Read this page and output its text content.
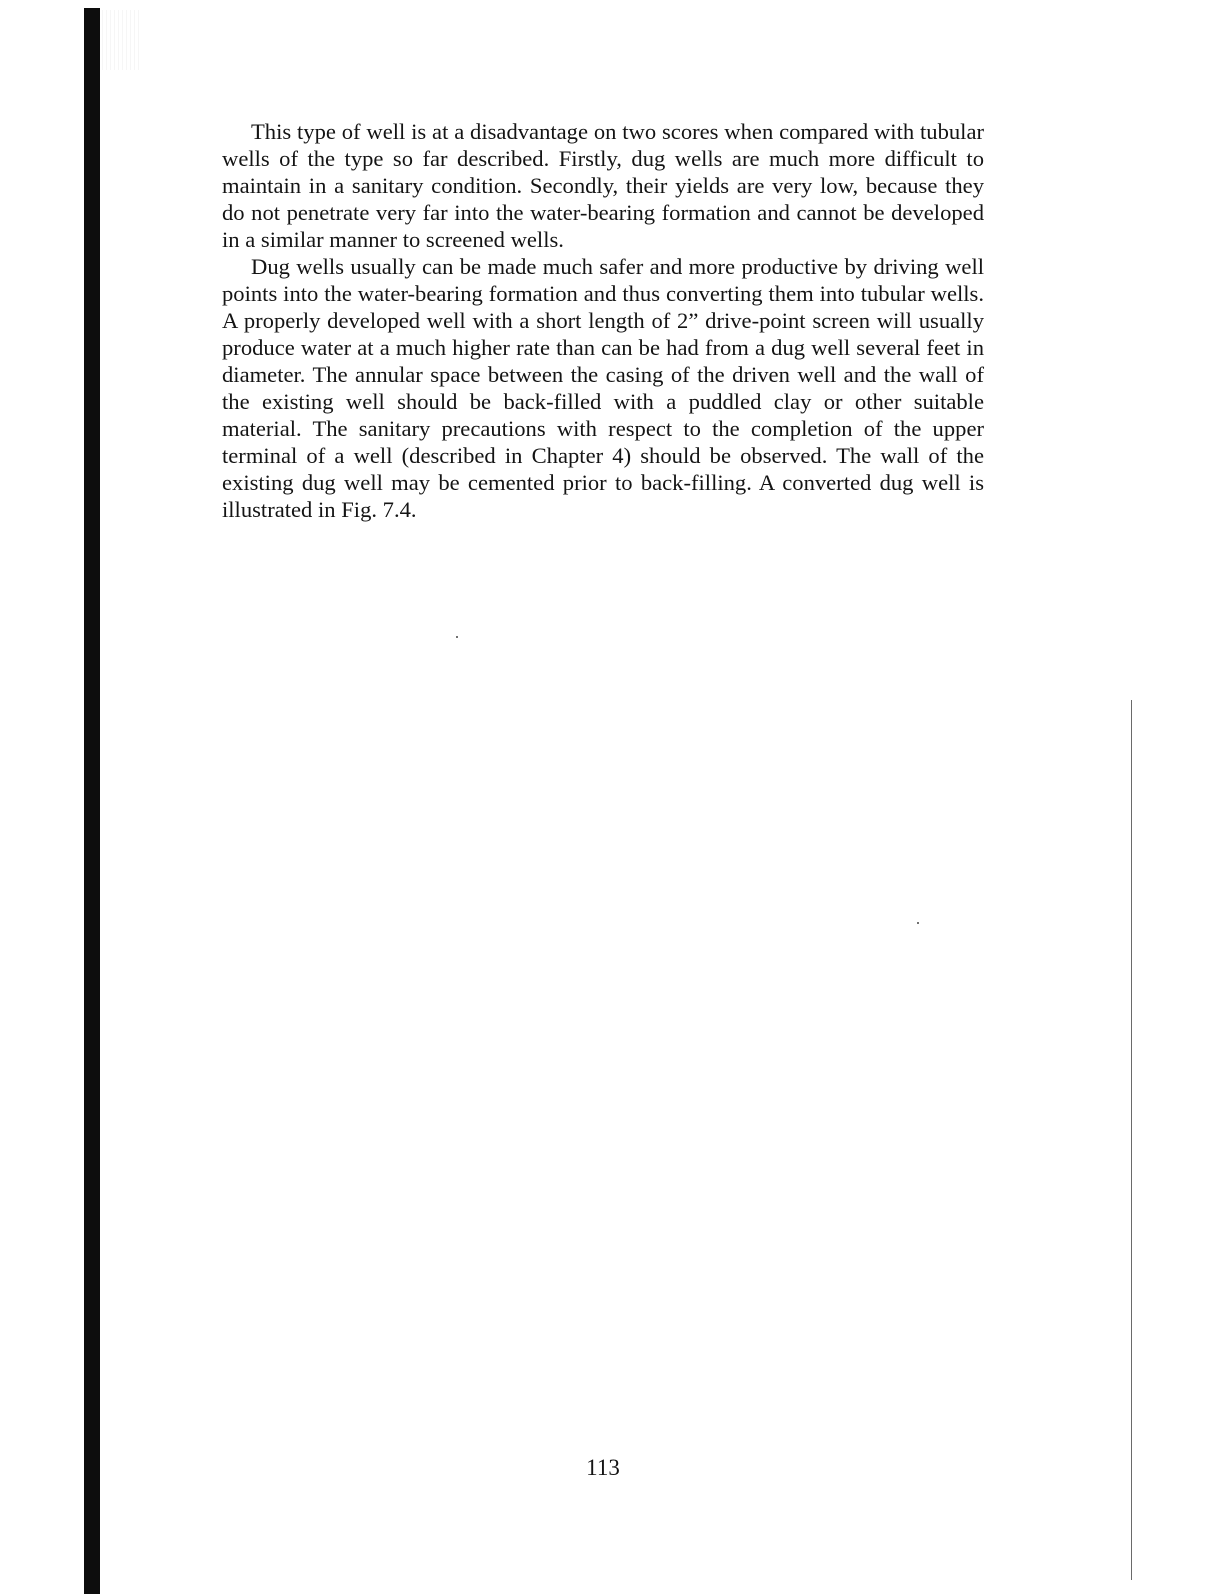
This type of well is at a disadvantage on two scores when compared with tubular wells of the type so far described. Firstly, dug wells are much more difficult to maintain in a sanitary condition. Secondly, their yields are very low, because they do not penetrate very far into the water-bearing formation and cannot be developed in a similar manner to screened wells.

Dug wells usually can be made much safer and more productive by driving well points into the water-bearing formation and thus converting them into tubular wells. A properly developed well with a short length of 2” drive-point screen will usually produce water at a much higher rate than can be had from a dug well several feet in diameter. The annular space between the casing of the driven well and the wall of the existing well should be back-filled with a puddled clay or other suitable material. The sanitary precautions with respect to the completion of the upper terminal of a well (described in Chapter 4) should be observed. The wall of the existing dug well may be cemented prior to back-filling. A converted dug well is illustrated in Fig. 7.4.

113
